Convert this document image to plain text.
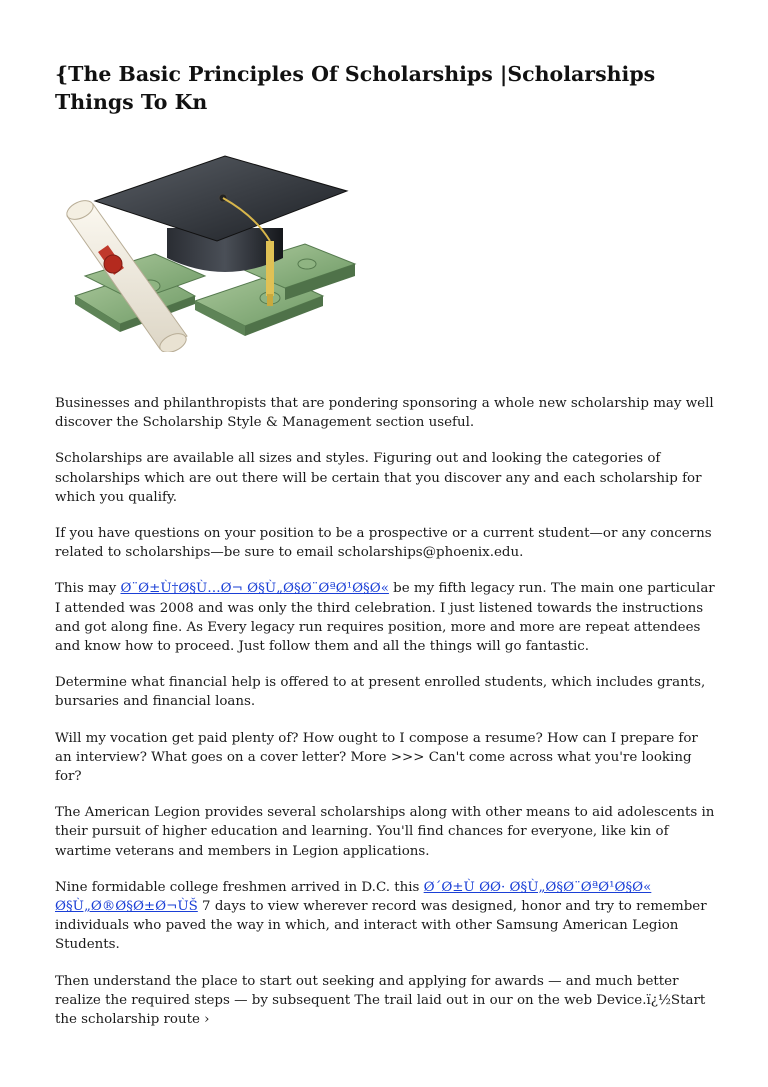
{The Basic Principles Of Scholarships |Scholarships Things To Kn

Businesses and philanthropists that are pondering sponsoring a whole new scholarship may well discover the Scholarship Style & Management section useful.

Scholarships are available all sizes and styles. Figuring out and looking the categories of scholarships which are out there will be certain that you discover any and each scholarship for which you qualify.

If you have questions on your position to be a prospective or a current student—or any concerns related to scholarships—be sure to email scholarships@phoenix.edu.

This may Ø¨Ø±Ù†Ø§Ù…Ø¬ Ø§Ù„Ø§Ø¨ØªØ¹Ø§Ø« be my fifth legacy run. The main one particular I attended was 2008 and was only the third celebration. I just listened towards the instructions and got along fine. As Every legacy run requires position, more and more are repeat attendees and know how to proceed. Just follow them and all the things will go fantastic.

Determine what financial help is offered to at present enrolled students, which includes grants, bursaries and financial loans.

Will my vocation get paid plenty of? How ought to I compose a resume? How can I prepare for an interview? What goes on a cover letter? More >>> Can't come across what you're looking for?

The American Legion provides several scholarships along with other means to aid adolescents in their pursuit of higher education and learning. You'll find chances for everyone, like kin of wartime veterans and members in Legion applications.

Nine formidable college freshmen arrived in D.C. this Ø´Ø±Ù ØØ· Ø§Ù„Ø§Ø¨ØªØ¹Ø§Ø« Ø§Ù„Ø®Ø§Ø±Ø¬ÙŠ 7 days to view wherever record was designed, honor and try to remember individuals who paved the way in which, and interact with other Samsung American Legion Students.

Then understand the place to start out seeking and applying for awards — and much better realize the required steps — by subsequent The trail laid out in our on the web Device.ï¿½Start the scholarship route ›
